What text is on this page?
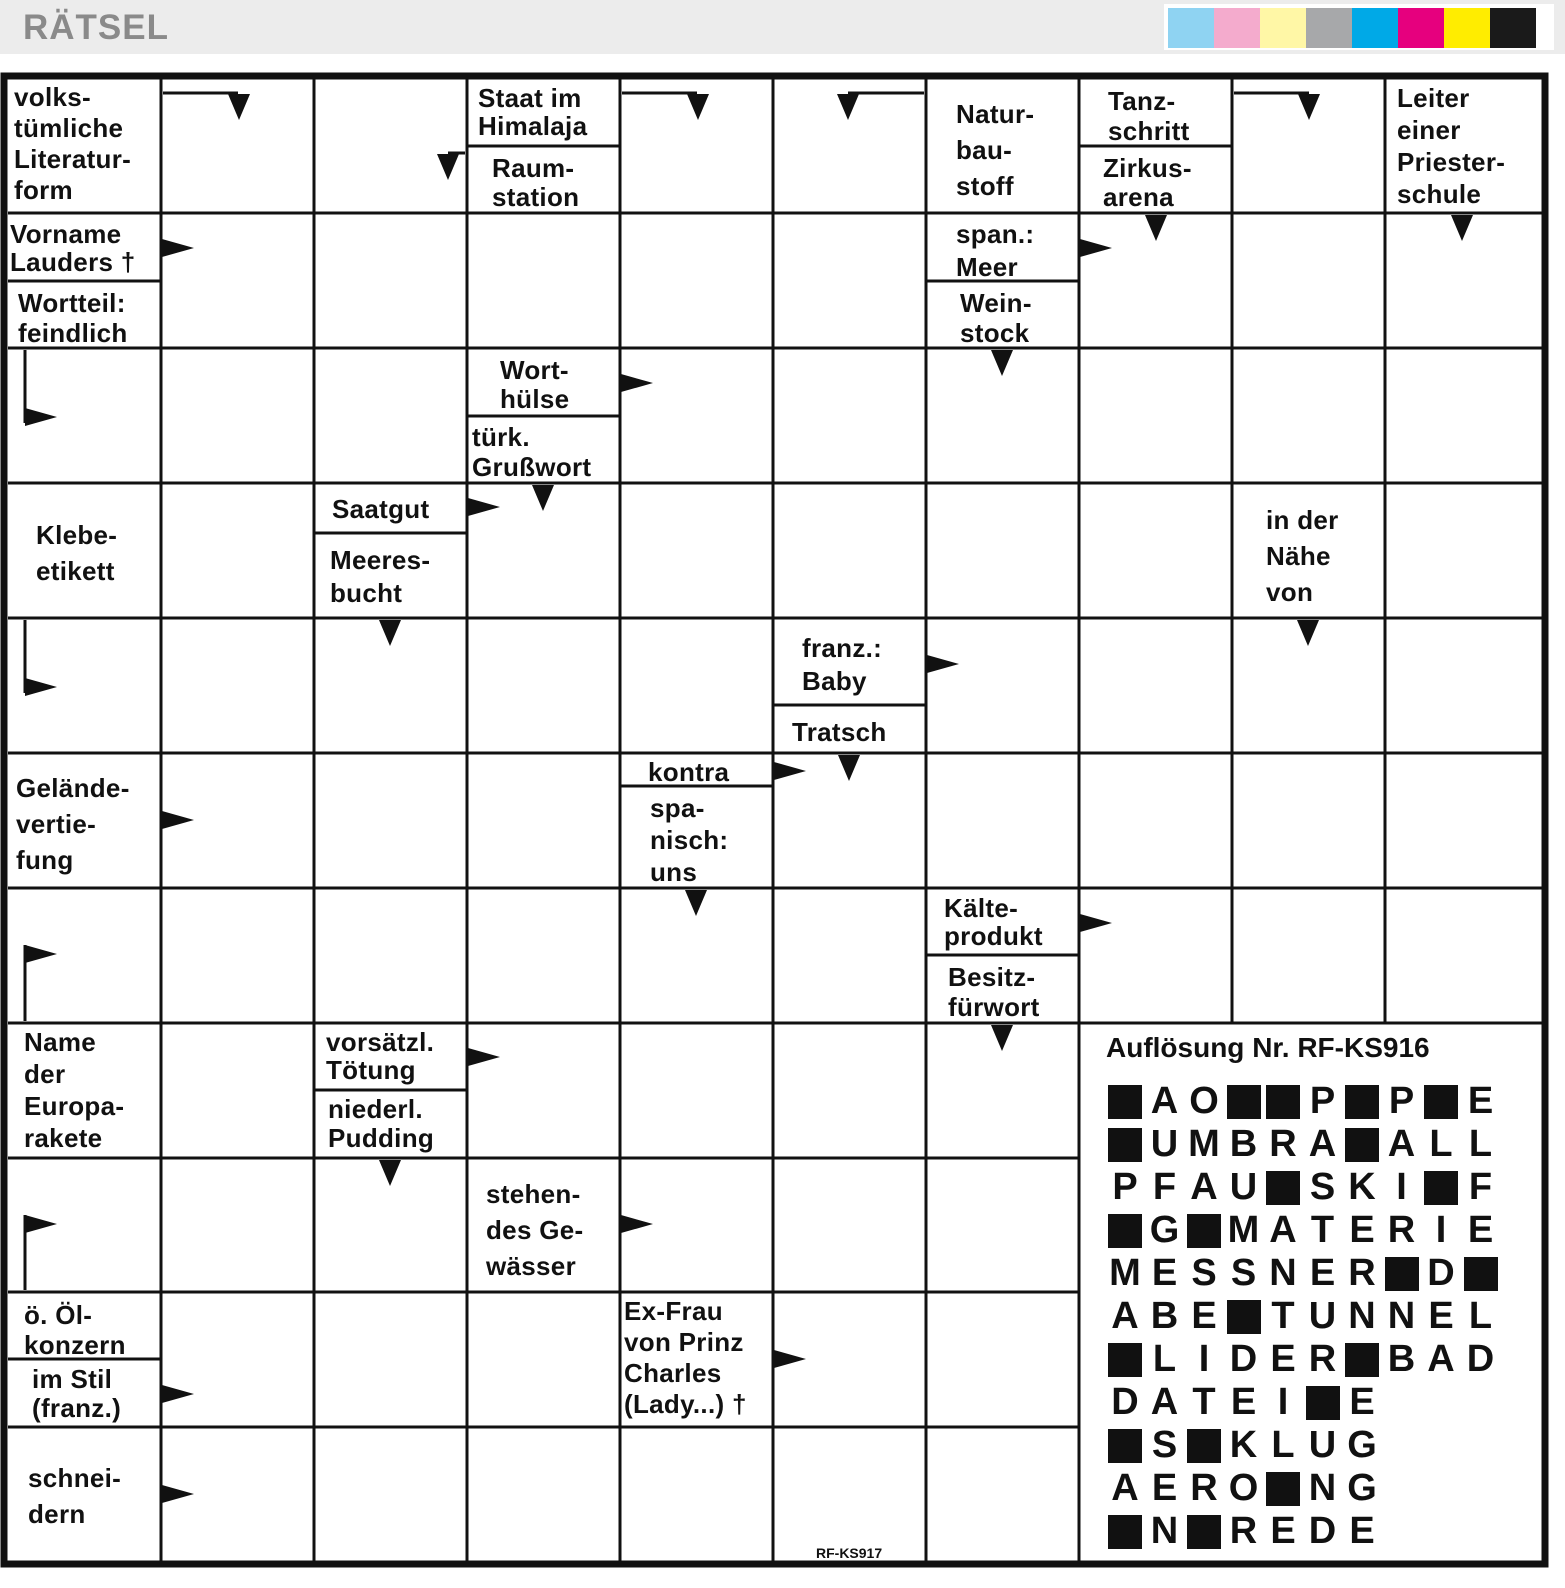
RÄTSEL
volks-
tümliche
Literatur-
form
Staat im
Himalaja
Raum-
station
Natur-
bau-
stoff
Tanz-
schritt
Zirkus-
arena
Leiter
einer
Priester-
schule
Vorname
Lauders †
Wortteil:
feindlich
span.:
Meer
Wein-
stock
Wort-
hülse
türk.
Grußwort
Klebe-
etikett
Saatgut
Meeres-
bucht
in der
Nähe
von
franz.:
Baby
Tratsch
Gelände-
vertie-
fung
kontra
spa-
nisch:
uns
Kälte-
produkt
Besitz-
fürwort
Name
der
Europa-
rakete
vorsätzl.
Tötung
niederl.
Pudding
stehen-
des Ge-
wässer
ö. Öl-
konzern
im Stil
(franz.)
Ex-Frau
von Prinz
Charles
(Lady...) †
schnei-
dern
Auflösung Nr. RF-KS916
A O P P E
U M B R A A L L
P F A U S K I	F
G M A T E R I E
M E S S N E R D
A B E T U N N E L
L I D E R B A D
D A T E I	E
S K L U G
A E R O N G
N R E D E
RF-KS917
